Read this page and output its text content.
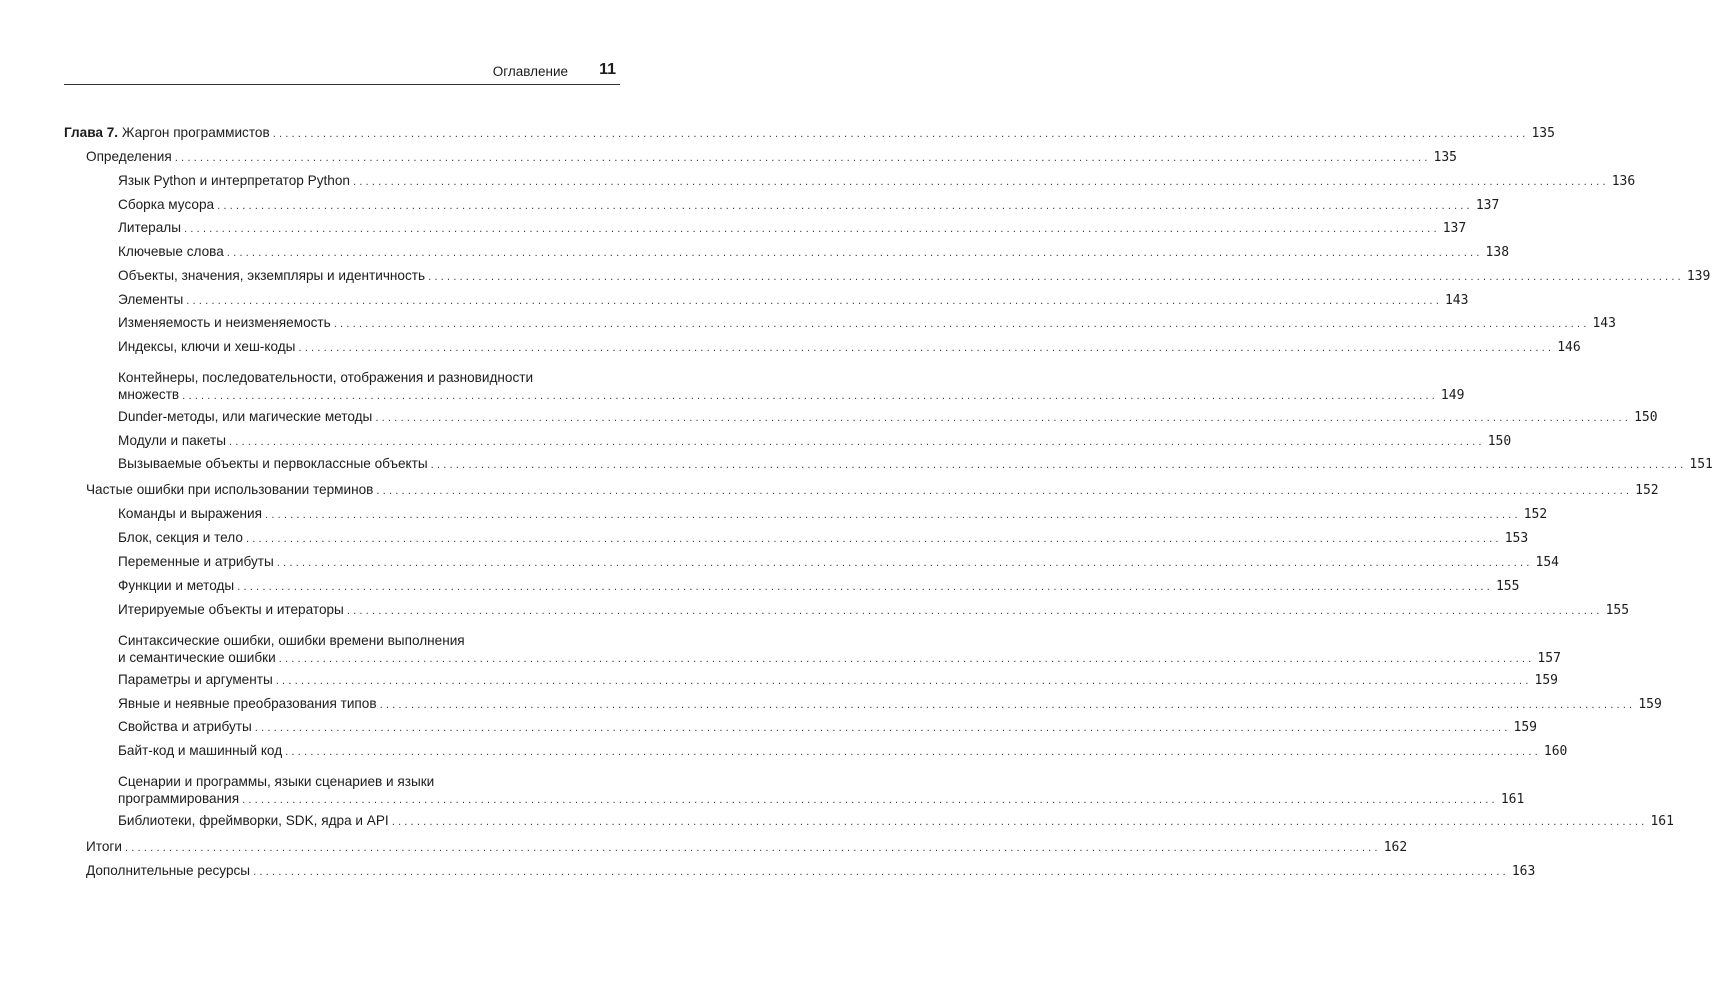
Оглавление 11
Глава 7.
Жаргон программистов ........................................................................................................................................................................................................ 135
Определения ........................................................................................................................................................................................................ 135
Язык Python и интерпретатор Python ........................................................................................................................................................................................................ 136
Сборка мусора ........................................................................................................................................................................................................ 137
Литералы ........................................................................................................................................................................................................ 137
Ключевые слова ........................................................................................................................................................................................................ 138
Объекты, значения, экземпляры и идентичность ........................................................................................................................................................................................................ 139
Элементы ........................................................................................................................................................................................................ 143
Изменяемость и неизменяемость ........................................................................................................................................................................................................ 143
Индексы, ключи и хеш-коды ........................................................................................................................................................................................................ 146
Контейнеры, последовательности, отображения и разновидности
множеств ........................................................................................................................................................................................................ 149
Dunder-методы, или магические методы ........................................................................................................................................................................................................ 150
Модули и пакеты ........................................................................................................................................................................................................ 150
Вызываемые объекты и первоклассные объекты ........................................................................................................................................................................................................ 151
Частые ошибки при использовании терминов ........................................................................................................................................................................................................ 152
Команды и выражения ........................................................................................................................................................................................................ 152
Блок, секция и тело ........................................................................................................................................................................................................ 153
Переменные и атрибуты ........................................................................................................................................................................................................ 154
Функции и методы ........................................................................................................................................................................................................ 155
Итерируемые объекты и итераторы ........................................................................................................................................................................................................ 155
Синтаксические ошибки, ошибки времени выполнения
и семантические ошибки ........................................................................................................................................................................................................ 157
Параметры и аргументы ........................................................................................................................................................................................................ 159
Явные и неявные преобразования типов ........................................................................................................................................................................................................ 159
Свойства и атрибуты ........................................................................................................................................................................................................ 159
Байт-код и машинный код ........................................................................................................................................................................................................ 160
Сценарии и программы, языки сценариев и языки
программирования ........................................................................................................................................................................................................ 161
Библиотеки, фреймворки, SDK, ядра и API ........................................................................................................................................................................................................ 161
Итоги ........................................................................................................................................................................................................ 162
Дополнительные ресурсы ........................................................................................................................................................................................................ 163
